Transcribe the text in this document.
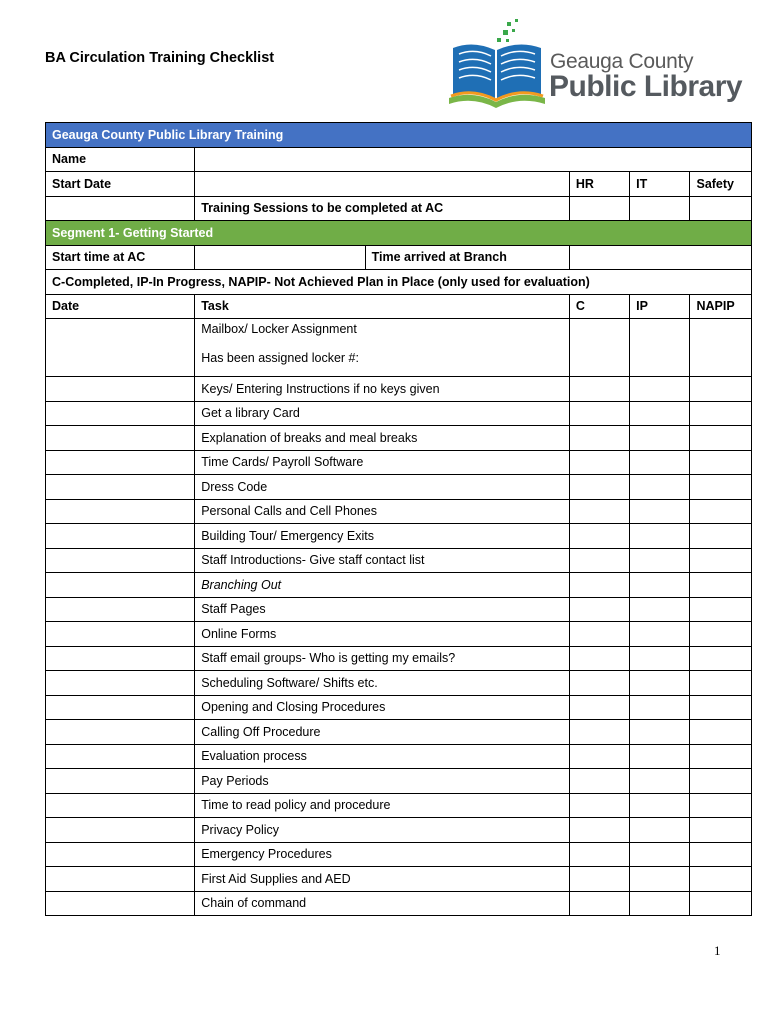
BA Circulation Training Checklist	Geauga County
Public Library
Geauga County Public Library Training					
Name					
Start Date			HR	IT	Safety
	Training Sessions to be completed at AC				
Segment 1- Getting Started					
Start time at AC		Time arrived at Branch			
C-Completed, IP-In Progress, NAPIP- Not Achieved Plan in Place (only used for evaluation)					
Date	Task		C	IP	NAPIP

	Mailbox/ Locker Assignment
Has been assigned locker #:				

	Keys/ Entering Instructions if no keys given				

	Get a library Card				

	Explanation of breaks and meal breaks				

	Time Cards/ Payroll Software				

	Dress Code				

	Personal Calls and Cell Phones				

	Building Tour/ Emergency Exits				

	Staff Introductions- Give staff contact list				

	Branching Out				

	Staff Pages				

	Online Forms				

	Staff email groups- Who is getting my emails?				

	Scheduling Software/ Shifts etc.				

	Opening and Closing Procedures				

	Calling Off Procedure				

	Evaluation process				

	Pay Periods				

	Time to read policy and procedure				

	Privacy Policy				

	Emergency Procedures				

	First Aid Supplies and AED				

	Chain of command				

1
